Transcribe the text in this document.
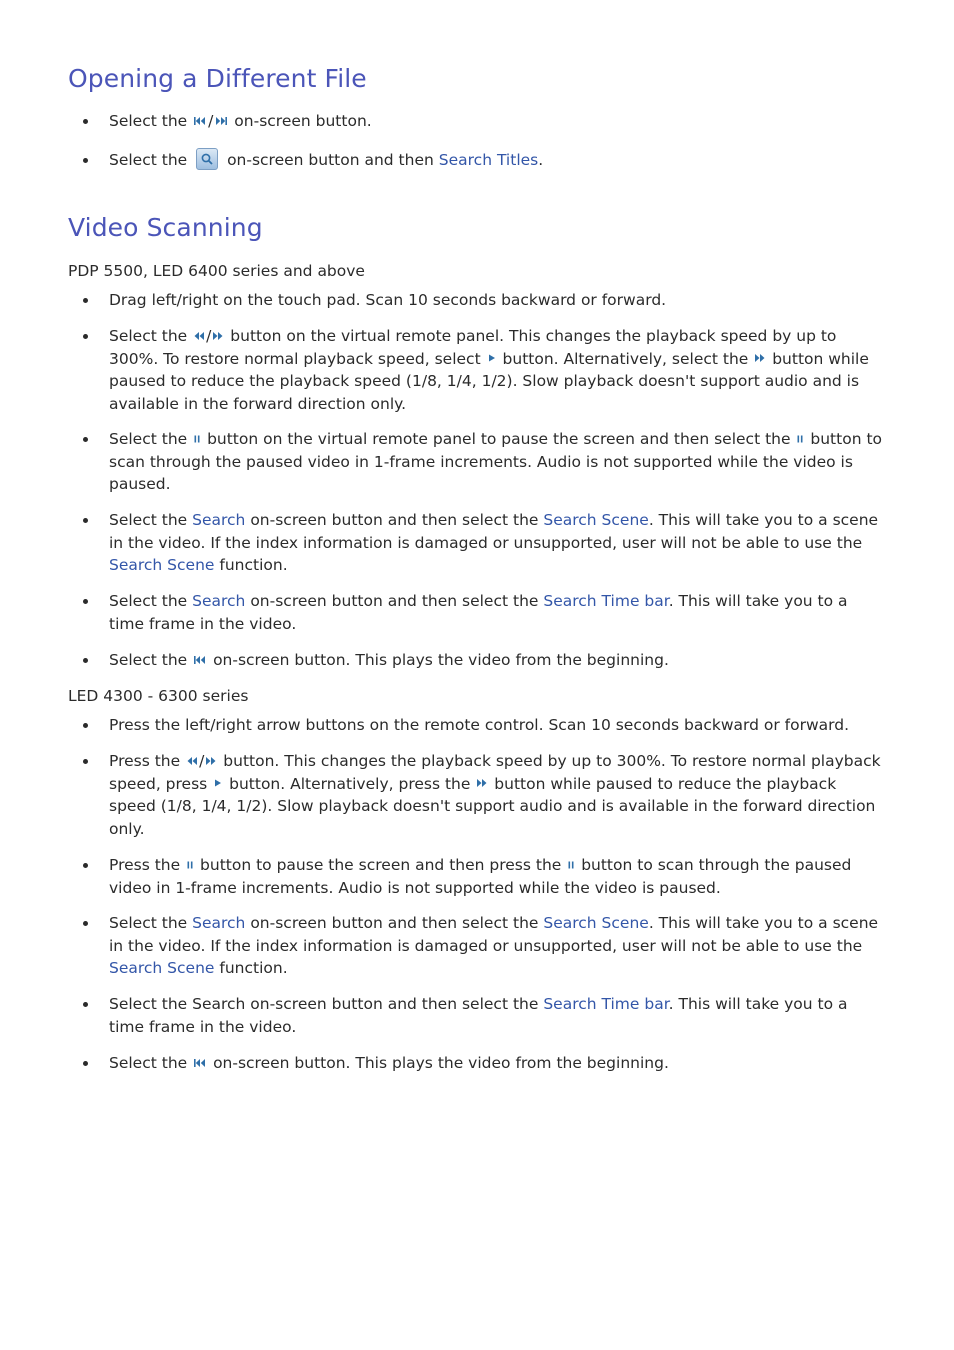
Opening a Different File

Select the / on-screen button.

Select the	on-screen button and then Search Titles.

Video Scanning

PDP 5500, LED 6400 series and above

Drag left/right on the touch pad. Scan 10 seconds backward or forward.

Select the / button on the virtual remote panel. This changes the playback speed by up to 300%. To restore normal playback speed, select button. Alternatively, select the button while paused to reduce the playback speed (1/8, 1/4, 1/2). Slow playback doesn't support audio and is available in the forward direction only.

Select the button on the virtual remote panel to pause the screen and then select the button to scan through the paused video in 1-frame increments. Audio is not supported while the video is paused.

Select the Search on-screen button and then select the Search Scene. This will take you to a scene in the video. If the index information is damaged or unsupported, user will not be able to use the Search Scene function.

Select the Search on-screen button and then select the Search Time bar. This will take you to a time frame in the video.

Select the on-screen button. This plays the video from the beginning.

LED 4300 - 6300 series

Press the left/right arrow buttons on the remote control. Scan 10 seconds backward or forward.

Press the / button. This changes the playback speed by up to 300%. To restore normal playback speed, press button. Alternatively, press the button while paused to reduce the playback speed (1/8, 1/4, 1/2). Slow playback doesn't support audio and is available in the forward direction only.

Press the button to pause the screen and then press the button to scan through the paused video in 1-frame increments. Audio is not supported while the video is paused.

Select the Search on-screen button and then select the Search Scene. This will take you to a scene in the video. If the index information is damaged or unsupported, user will not be able to use the Search Scene function.

Select the Search on-screen button and then select the Search Time bar. This will take you to a time frame in the video.

Select the on-screen button. This plays the video from the beginning.
